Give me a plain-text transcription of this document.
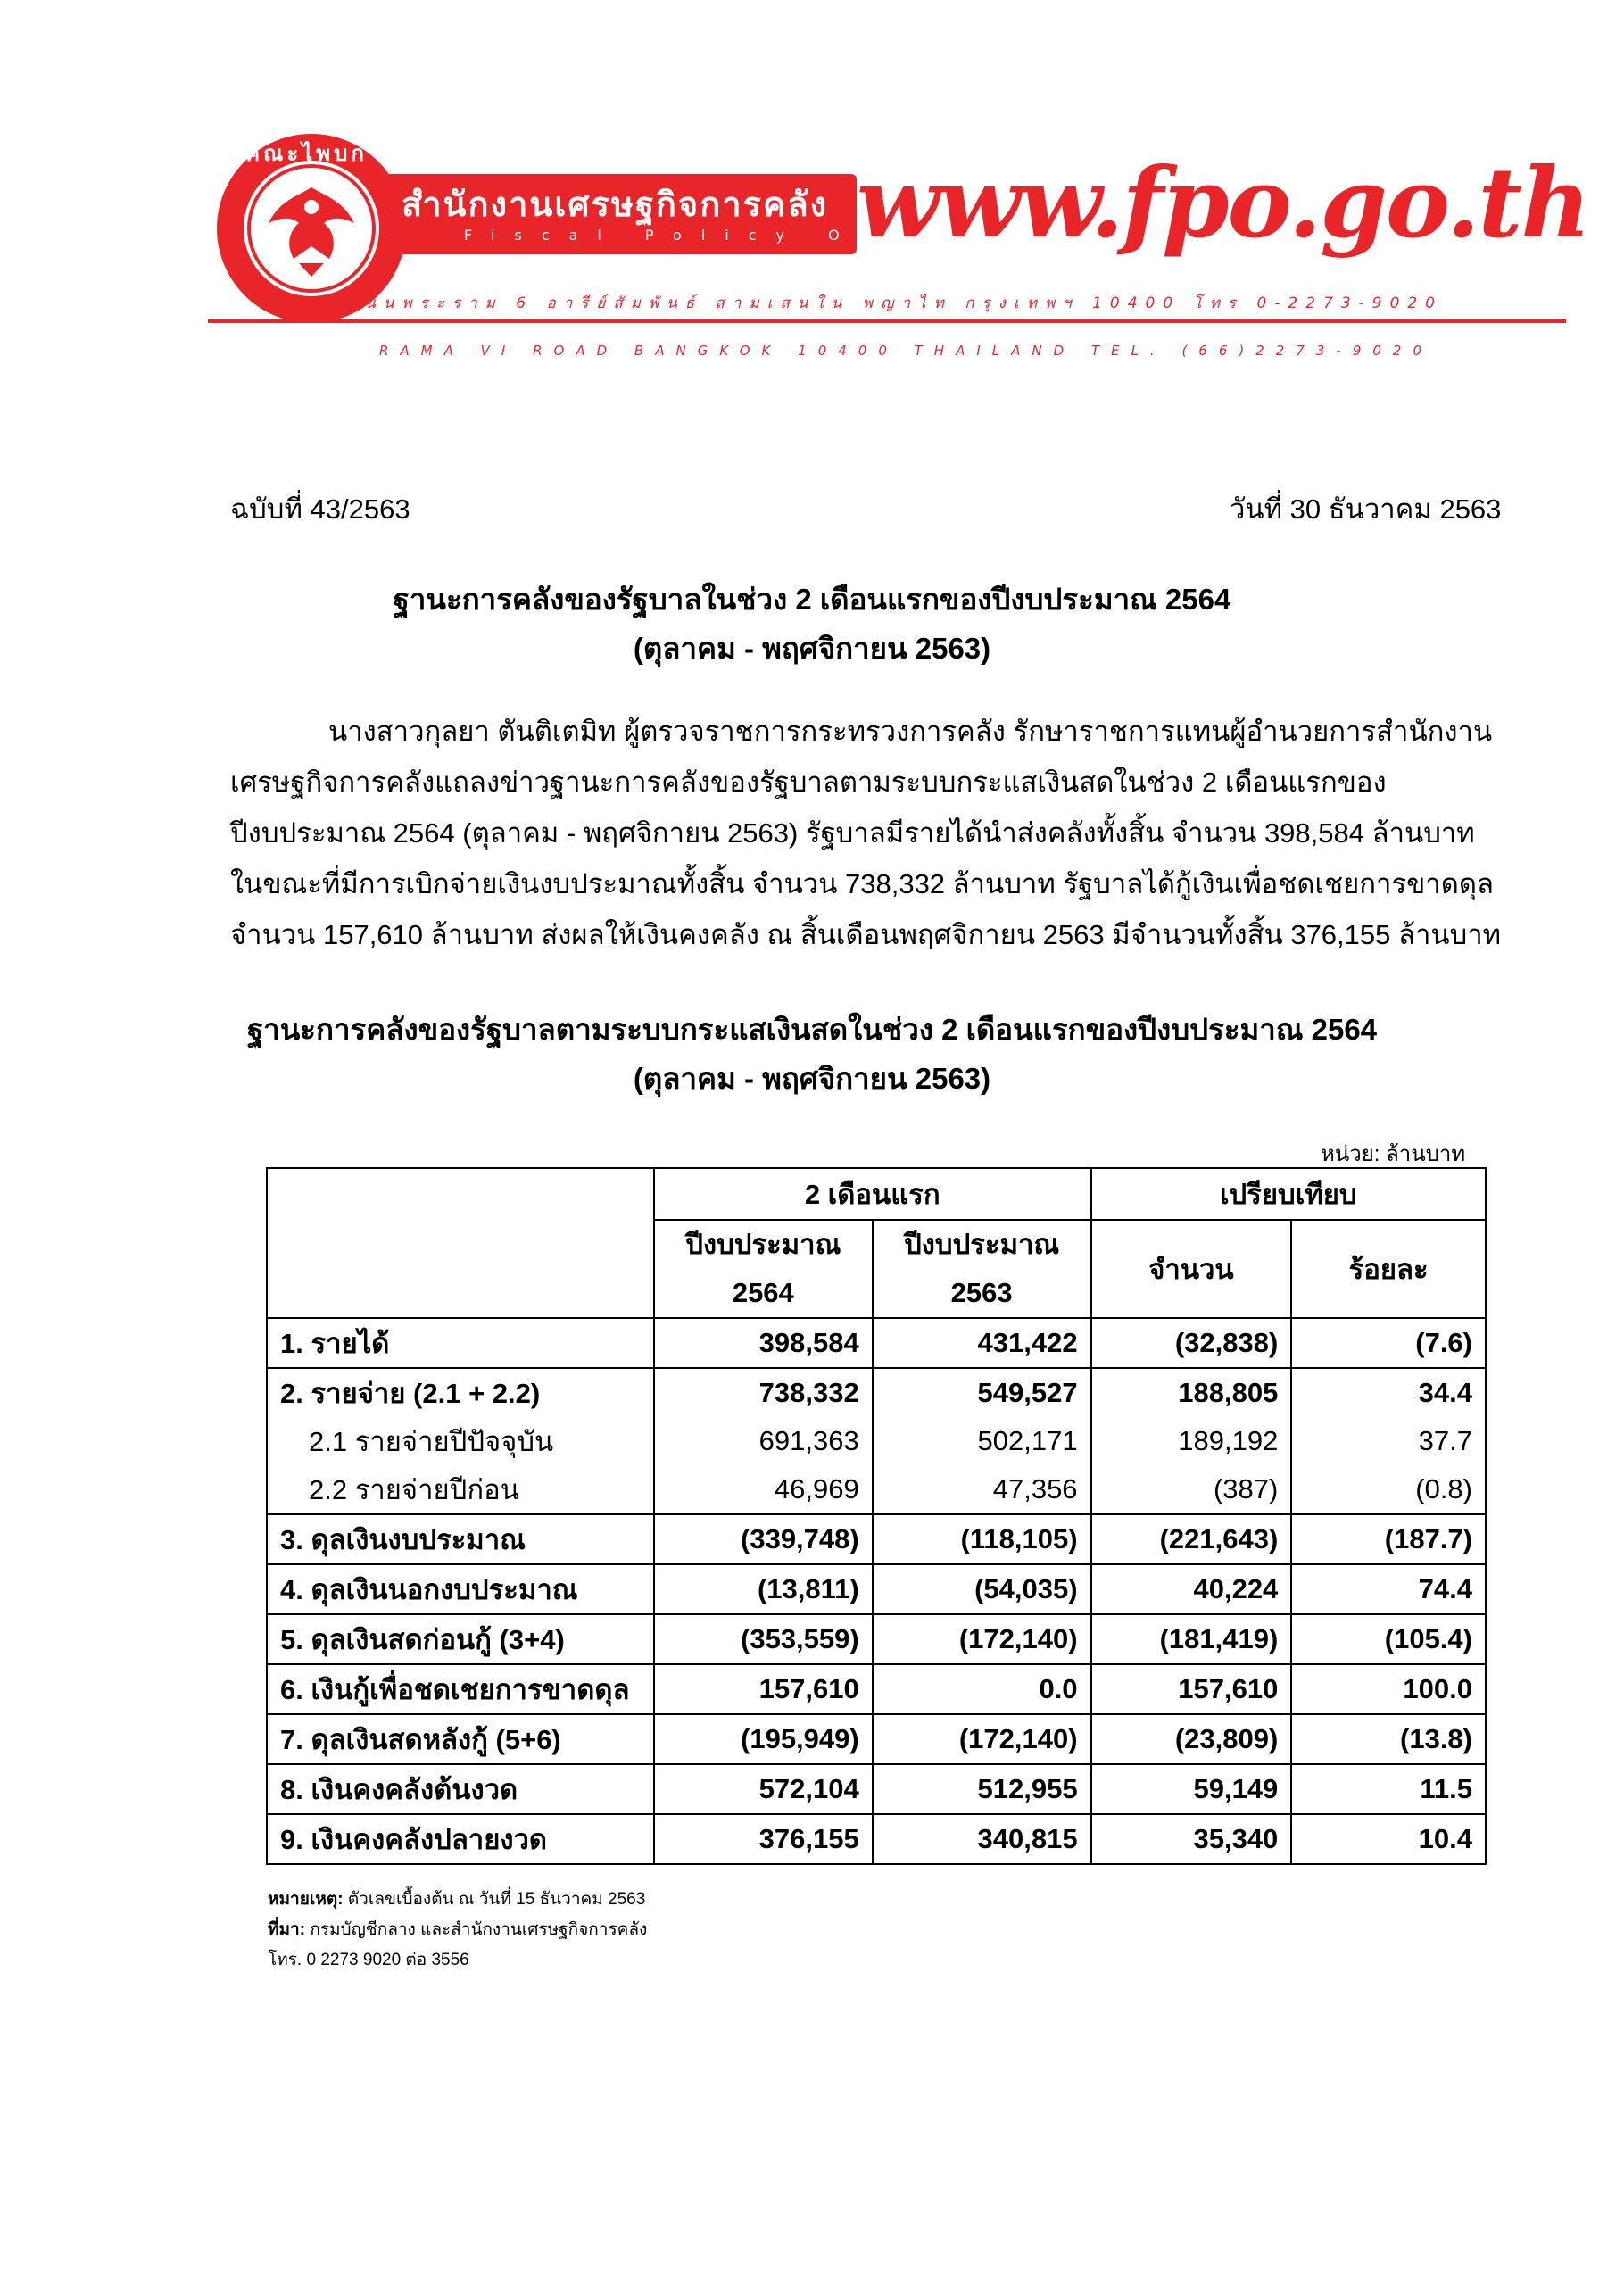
คณะไพบก
สำนักงานเศรษฐกิจการคลัง
Fiscal Policy Office
www.fpo.go.th
ถนนพระราม 6 อารีย์สัมพันธ์ สามเสนใน พญาไท กรุงเทพฯ 10400 โทร 0-2273-9020
RAMA VI ROAD BANGKOK 10400 THAILAND TEL. (66)2273-9020
ฉบับที่ 43/2563	วันที่ 30 ธันวาคม 2563
ฐานะการคลังของรัฐบาลในช่วง 2 เดือนแรกของปีงบประมาณ 2564
(ตุลาคม - พฤศจิกายน 2563)
นางสาวกุลยา ตันติเตมิท ผู้ตรวจราชการกระทรวงการคลัง รักษาราชการแทนผู้อำนวยการสำนักงาน
เศรษฐกิจการคลังแถลงข่าวฐานะการคลังของรัฐบาลตามระบบกระแสเงินสดในช่วง 2 เดือนแรกของ
ปีงบประมาณ 2564 (ตุลาคม - พฤศจิกายน 2563) รัฐบาลมีรายได้นำส่งคลังทั้งสิ้น จำนวน 398,584 ล้านบาท
ในขณะที่มีการเบิกจ่ายเงินงบประมาณทั้งสิ้น จำนวน 738,332 ล้านบาท รัฐบาลได้กู้เงินเพื่อชดเชยการขาดดุล
จำนวน 157,610 ล้านบาท ส่งผลให้เงินคงคลัง ณ สิ้นเดือนพฤศจิกายน 2563 มีจำนวนทั้งสิ้น 376,155 ล้านบาท
ฐานะการคลังของรัฐบาลตามระบบกระแสเงินสดในช่วง 2 เดือนแรกของปีงบประมาณ 2564
(ตุลาคม - พฤศจิกายน 2563)
หน่วย: ล้านบาท
	2 เดือนแรก		เปรียบเทียบ	

	ปีงบประมาณ
2564	ปีงบประมาณ
2563	จำนวน	ร้อยละ
1. รายได้	398,584	431,422	(32,838)	(7.6)
2. รายจ่าย (2.1 + 2.2)	738,332	549,527	188,805	34.4
2.1 รายจ่ายปีปัจจุบัน	691,363	502,171	189,192	37.7
2.2 รายจ่ายปีก่อน	46,969	47,356	(387)	(0.8)
3. ดุลเงินงบประมาณ	(339,748)	(118,105)	(221,643)	(187.7)
4. ดุลเงินนอกงบประมาณ	(13,811)	(54,035)	40,224	74.4
5. ดุลเงินสดก่อนกู้ (3+4)	(353,559)	(172,140)	(181,419)	(105.4)
6. เงินกู้เพื่อชดเชยการขาดดุล	157,610	0.0	157,610	100.0
7. ดุลเงินสดหลังกู้ (5+6)	(195,949)	(172,140)	(23,809)	(13.8)
8. เงินคงคลังต้นงวด	572,104	512,955	59,149	11.5
9. เงินคงคลังปลายงวด	376,155	340,815	35,340	10.4
หมายเหตุ: ตัวเลขเบื้องต้น ณ วันที่ 15 ธันวาคม 2563
ที่มา: กรมบัญชีกลาง และสำนักงานเศรษฐกิจการคลัง
โทร. 0 2273 9020 ต่อ 3556
